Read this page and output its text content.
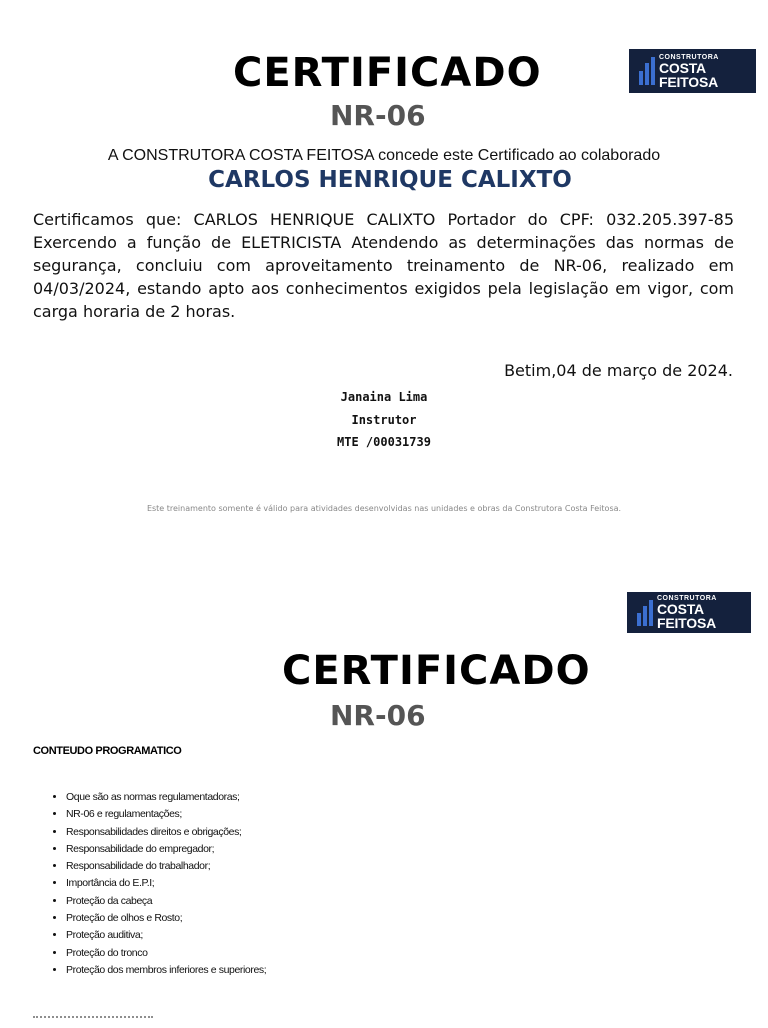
CONSTRUTORA
COSTA
FEITOSA
CERTIFICADO
NR-06
A CONSTRUTORA COSTA FEITOSA concede este Certificado ao colaborado
CARLOS HENRIQUE CALIXTO

Certificamos que: CARLOS HENRIQUE CALIXTO Portador do CPF: 032.205.397-85 Exercendo a função de ELETRICISTA Atendendo as determinações das normas de segurança, concluiu com aproveitamento treinamento de NR-06, realizado em 04/03/2024, estando apto aos conhecimentos exigidos pela legislação em vigor, com carga horaria de 2 horas.

Betim,04 de março de 2024.
Janaina Lima
Instrutor
MTE /00031739
Este treinamento somente é válido para atividades desenvolvidas nas unidades e obras da Construtora Costa Feitosa.
CONSTRUTORA
COSTA
FEITOSA
CERTIFICADO
NR-06
CONTEUDO PROGRAMATICO
• Oque são as normas regulamentadoras;
• NR-06 e regulamentações;
• Responsabilidades direitos e obrigações;
• Responsabilidade do empregador;
• Responsabilidade do trabalhador;
• Importância do E.P.I;
• Proteção da cabeça
• Proteção de olhos e Rosto;
• Proteção auditiva;
• Proteção do tronco
• Proteção dos membros inferiores e superiores;
